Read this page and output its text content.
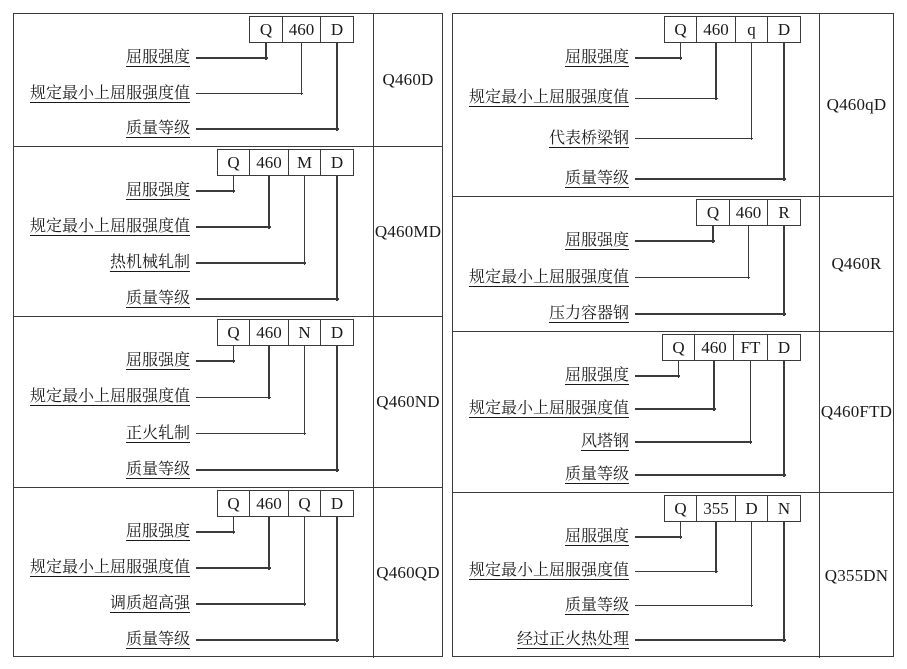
Q 460 D
屈服强度
规定最小上屈服强度值
质量等级
Q460D
Q 460 M	D
屈服强度
规定最小上屈服强度值
热机械轧制
质量等级
Q460MD
Q 460 N	D
屈服强度
规定最小上屈服强度值
正火轧制
质量等级
Q460ND
Q 460 Q	D
屈服强度
规定最小上屈服强度值
调质超高强
质量等级
Q460QD
Q 460	q	D
屈服强度
规定最小上屈服强度值
代表桥梁钢
质量等级
Q460qD
Q 460	R
屈服强度
规定最小上屈服强度值
压力容器钢
Q460R
Q 460 FT	D
屈服强度
规定最小上屈服强度值
风塔钢
质量等级
Q460FTD
Q 355 D	N
屈服强度
规定最小上屈服强度值
质量等级
经过正火热处理
Q355DN
